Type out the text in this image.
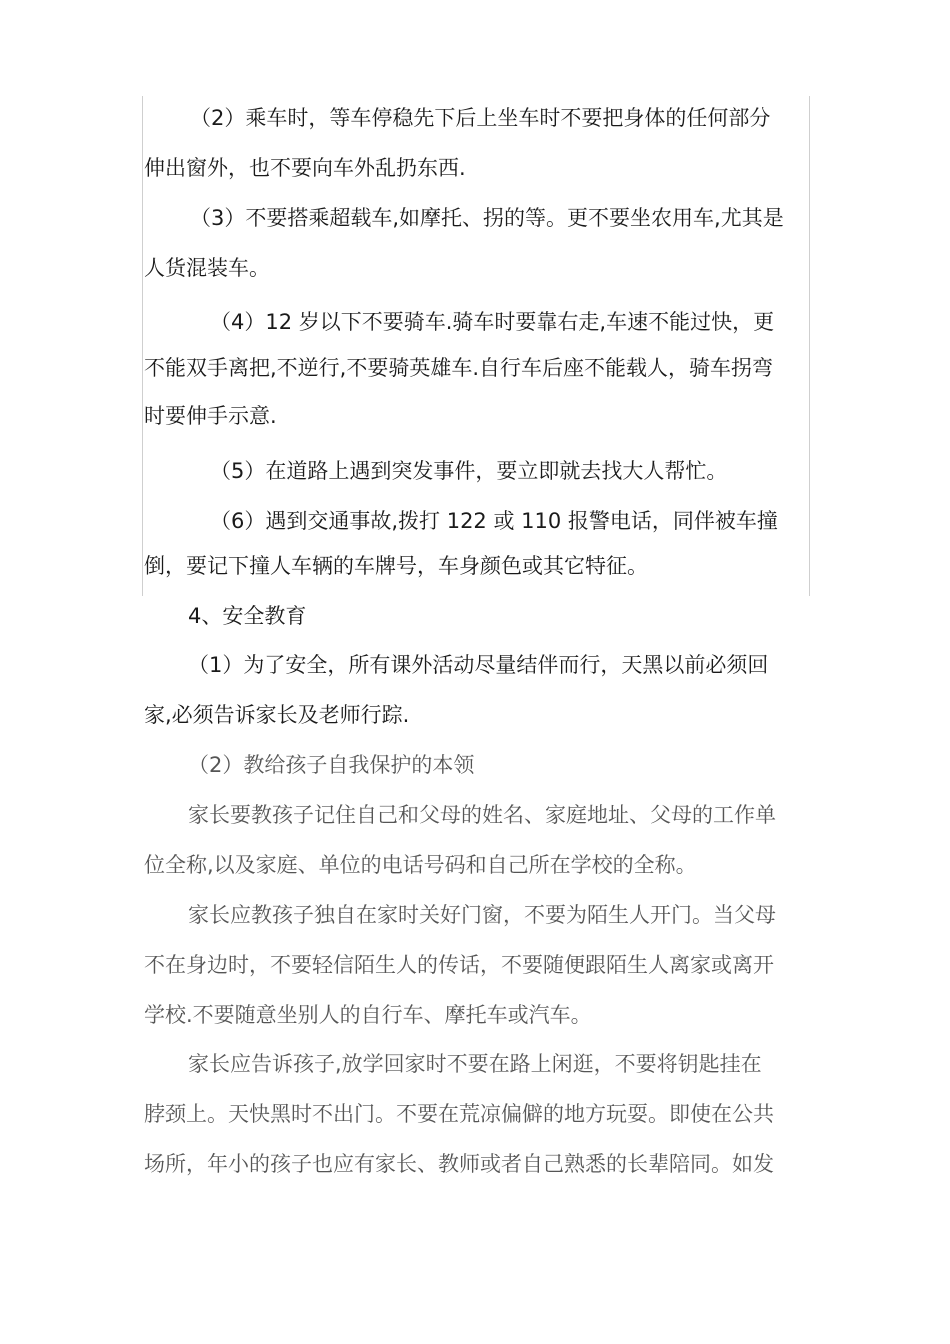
（2）乘车时，等车停稳先下后上坐车时不要把身体的任何部分
伸出窗外，也不要向车外乱扔东西.
（3）不要搭乘超载车,如摩托、拐的等。更不要坐农用车,尤其是
人货混装车。
（4）12 岁以下不要骑车.骑车时要靠右走,车速不能过快，更
不能双手离把,不逆行,不要骑英雄车.自行车后座不能载人，骑车拐弯
时要伸手示意.
（5）在道路上遇到突发事件，要立即就去找大人帮忙。
（6）遇到交通事故,拨打 122 或 110 报警电话，同伴被车撞
倒，要记下撞人车辆的车牌号，车身颜色或其它特征。
4、安全教育
（1）为了安全，所有课外活动尽量结伴而行，天黑以前必须回
家,必须告诉家长及老师行踪.
（2）教给孩子自我保护的本领
家长要教孩子记住自己和父母的姓名、家庭地址、父母的工作单
位全称,以及家庭、单位的电话号码和自己所在学校的全称。
家长应教孩子独自在家时关好门窗，不要为陌生人开门。当父母
不在身边时，不要轻信陌生人的传话，不要随便跟陌生人离家或离开
学校.不要随意坐别人的自行车、摩托车或汽车。
家长应告诉孩子,放学回家时不要在路上闲逛，不要将钥匙挂在
脖颈上。天快黑时不出门。不要在荒凉偏僻的地方玩耍。即使在公共
场所，年小的孩子也应有家长、教师或者自己熟悉的长辈陪同。如发
